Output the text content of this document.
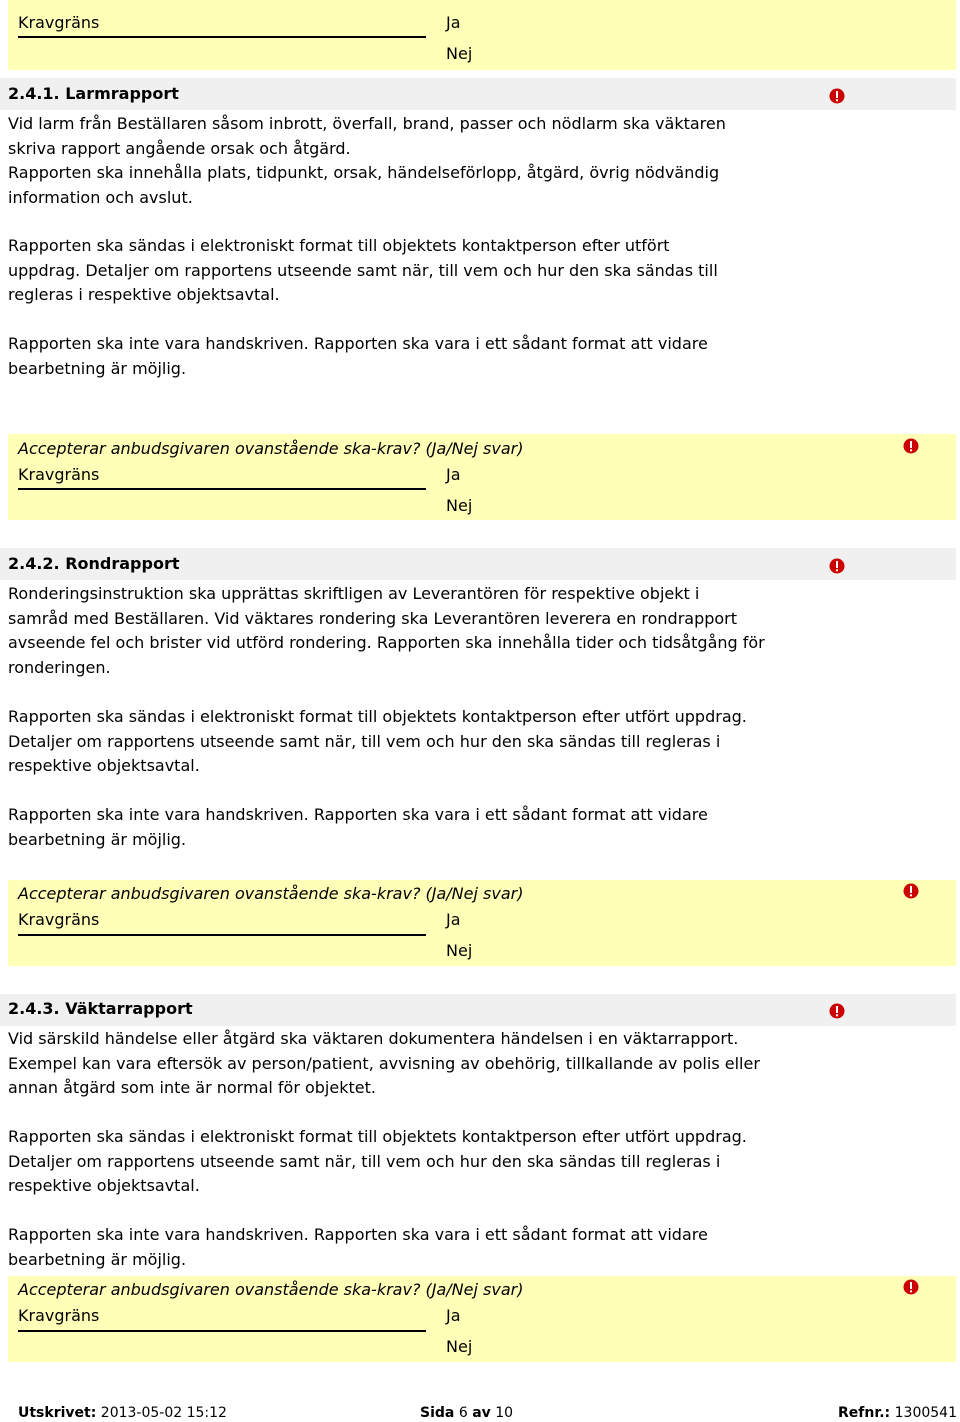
Kravgräns	Ja
Nej
2.4.1. Larmrapport
Vid larm från Beställaren såsom inbrott, överfall, brand, passer och nödlarm ska väktaren
skriva rapport angående orsak och åtgärd.
Rapporten ska innehålla plats, tidpunkt, orsak, händelseförlopp, åtgärd, övrig nödvändig
information och avslut.
Rapporten ska sändas i elektroniskt format till objektets kontaktperson efter utfört
uppdrag. Detaljer om rapportens utseende samt när, till vem och hur den ska sändas till
regleras i respektive objektsavtal.
Rapporten ska inte vara handskriven. Rapporten ska vara i ett sådant format att vidare
bearbetning är möjlig.
Accepterar anbudsgivaren ovanstående ska-krav? (Ja/Nej svar)
Kravgräns	Ja
Nej
2.4.2. Rondrapport
Ronderingsinstruktion ska upprättas skriftligen av Leverantören för respektive objekt i
samråd med Beställaren. Vid väktares rondering ska Leverantören leverera en rondrapport
avseende fel och brister vid utförd rondering. Rapporten ska innehålla tider och tidsåtgång för
ronderingen.
Rapporten ska sändas i elektroniskt format till objektets kontaktperson efter utfört uppdrag.
Detaljer om rapportens utseende samt när, till vem och hur den ska sändas till regleras i
respektive objektsavtal.
Rapporten ska inte vara handskriven. Rapporten ska vara i ett sådant format att vidare
bearbetning är möjlig.
Accepterar anbudsgivaren ovanstående ska-krav? (Ja/Nej svar)
Kravgräns	Ja
Nej
2.4.3. Väktarrapport
Vid särskild händelse eller åtgärd ska väktaren dokumentera händelsen i en väktarrapport.
Exempel kan vara eftersök av person/patient, avvisning av obehörig, tillkallande av polis eller
annan åtgärd som inte är normal för objektet.
Rapporten ska sändas i elektroniskt format till objektets kontaktperson efter utfört uppdrag.
Detaljer om rapportens utseende samt när, till vem och hur den ska sändas till regleras i
respektive objektsavtal.
Rapporten ska inte vara handskriven. Rapporten ska vara i ett sådant format att vidare
bearbetning är möjlig.
Accepterar anbudsgivaren ovanstående ska-krav? (Ja/Nej svar)
Kravgräns	Ja
Nej
Utskrivet: 2013-05-02 15:12	Sida 6 av 10	Refnr.: 1300541
